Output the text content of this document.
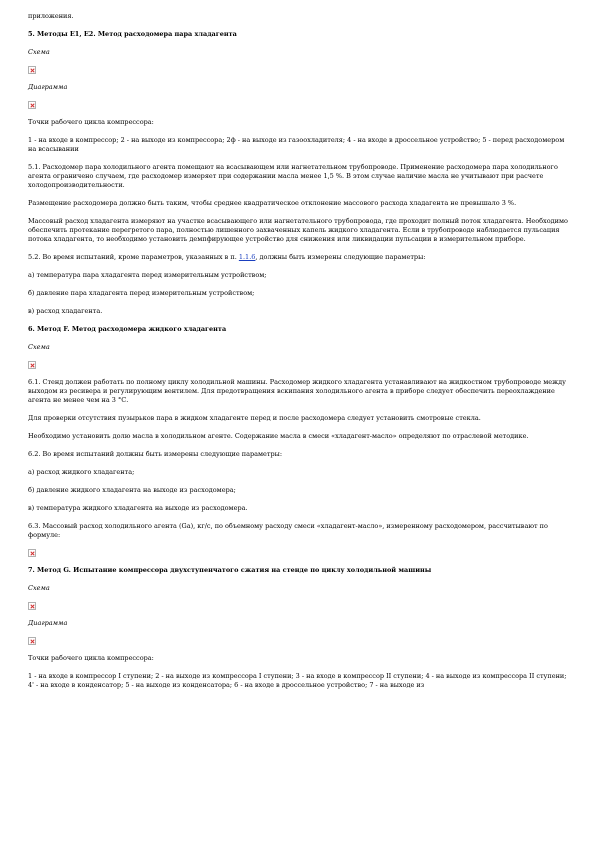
приложения.

5. Методы Е1, Е2. Метод расходомера пара хладагента

Схема

Диаграмма

Точки рабочего цикла компрессора:

1 - на входе в компрессор; 2 - на выходе из компрессора; 2ф - на выходе из газоохладителя; 4 - на входе в дроссельное устройство; 5 - перед расходомером на всасывании

5.1. Расходомер пара холодильного агента помещают на всасывающем или нагнетательном трубопроводе. Применение расходомера пара холодильного агента ограничено случаем, где расходомер измеряет при содержании масла менее 1,5 %. В этом случае наличие масла не учитывают при расчете холодопроизводительности.

Размещение расходомера должно быть таким, чтобы среднее квадратическое отклонение массового расхода хладагента не превышало 3 %.

Массовый расход хладагента измеряют на участке всасывающего или нагнетательного трубопровода, где проходит полный поток хладагента. Необходимо обеспечить протекание перегретого пара, полностью лишенного захваченных капель жидкого хладагента. Если в трубопроводе наблюдается пульсация потока хладагента, то необходимо установить демпфирующее устройство для снижения или ликвидации пульсации в измерительном приборе.

5.2. Во время испытаний, кроме параметров, указанных в п. 1.1.6, должны быть измерены следующие параметры:

а) температура пара хладагента перед измерительным устройством;

б) давление пара хладагента перед измерительным устройством;

в) расход хладагента.

6. Метод F. Метод расходомера жидкого хладагента

Схема

6.1. Стенд должен работать по полному циклу холодильной машины. Расходомер жидкого хладагента устанавливают на жидкостном трубопроводе между выходом из ресивера и регулирующим вентилем. Для предотвращения вскипания холодильного агента в приборе следует обеспечить переохлаждение агента не менее чем на 3 °С.

Для проверки отсутствия пузырьков пара в жидком хладагенте перед и после расходомера следует установить смотровые стекла.

Необходимо установить долю масла в холодильном агенте. Содержание масла в смеси «хладагент-масло» определяют по отраслевой методике.

6.2. Во время испытаний должны быть измерены следующие параметры:

а) расход жидкого хладагента;

б) давление жидкого хладагента на выходе из расходомера;

в) температура жидкого хладагента на выходе из расходомера.

6.3. Массовый расход холодильного агента (Gа), кг/с, по объемному расходу смеси «хладагент-масло», измеренному расходомером, рассчитывают по формуле:

7. Метод G. Испытание компрессора двухступенчатого сжатия на стенде по циклу холодильной машины

Схема

Диаграмма

Точки рабочего цикла компрессора:

1 - на входе в компрессор I ступени; 2 - на выходе из компрессора I ступени; 3 - на входе в компрессор II ступени; 4 - на выходе из компрессора II ступени; 4' - на входе в конденсатор; 5 - на выходе из конденсатора; 6 - на входе в дроссельное устройство; 7 - на выходе из
